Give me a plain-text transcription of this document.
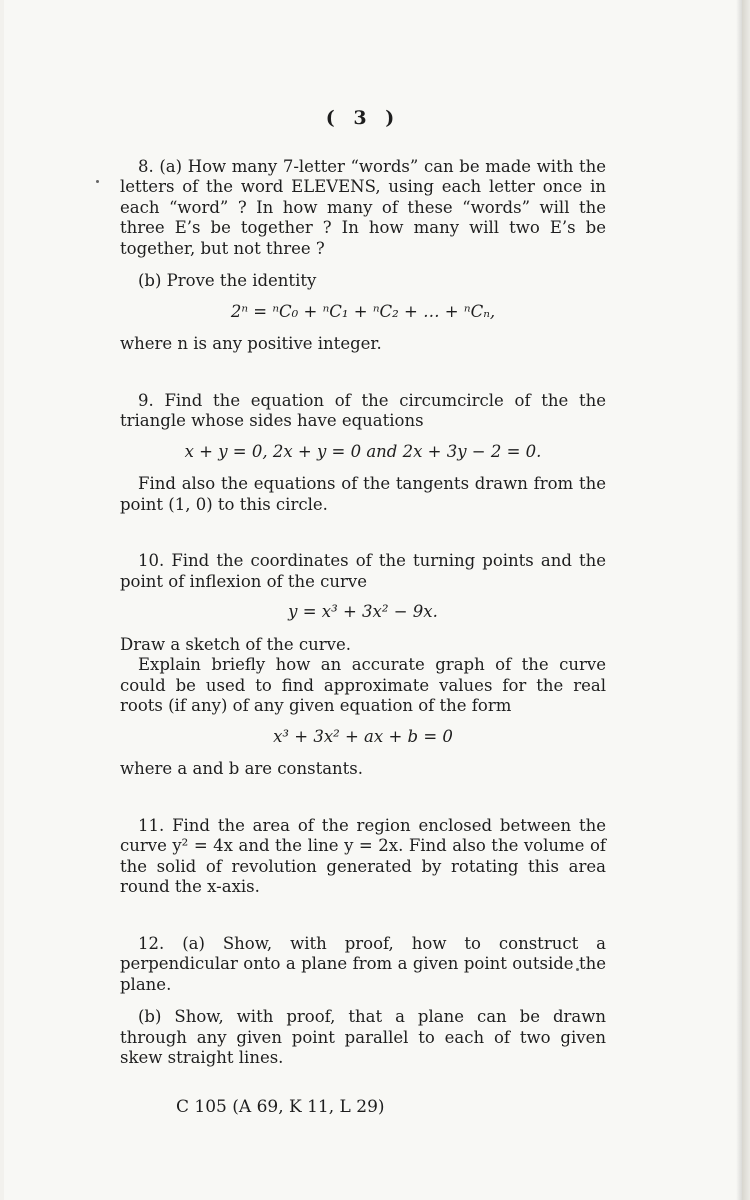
( 3 )

8. (a) How many 7-letter “words” can be made with the letters of the word ELEVENS, using each letter once in each “word” ? In how many of these “words” will the three E’s be together ? In how many will two E’s be together, but not three ?

(b) Prove the identity

2ⁿ = ⁿC₀ + ⁿC₁ + ⁿC₂ + … + ⁿCₙ,

where n is any positive integer.

9. Find the equation of the circumcircle of the the triangle whose sides have equations

x + y = 0, 2x + y = 0 and 2x + 3y − 2 = 0.

Find also the equations of the tangents drawn from the point (1, 0) to this circle.

10. Find the coordinates of the turning points and the point of inflexion of the curve

y = x³ + 3x² − 9x.

Draw a sketch of the curve.

Explain briefly how an accurate graph of the curve could be used to find approximate values for the real roots (if any) of any given equation of the form

x³ + 3x² + ax + b = 0

where a and b are constants.

11. Find the area of the region enclosed between the curve y² = 4x and the line y = 2x. Find also the volume of the solid of revolution generated by rotating this area round the x-axis.

12. (a) Show, with proof, how to construct a perpendicular onto a plane from a given point outside the plane.

(b) Show, with proof, that a plane can be drawn through any given point parallel to each of two given skew straight lines.

C 105 (A 69, K 11, L 29)
